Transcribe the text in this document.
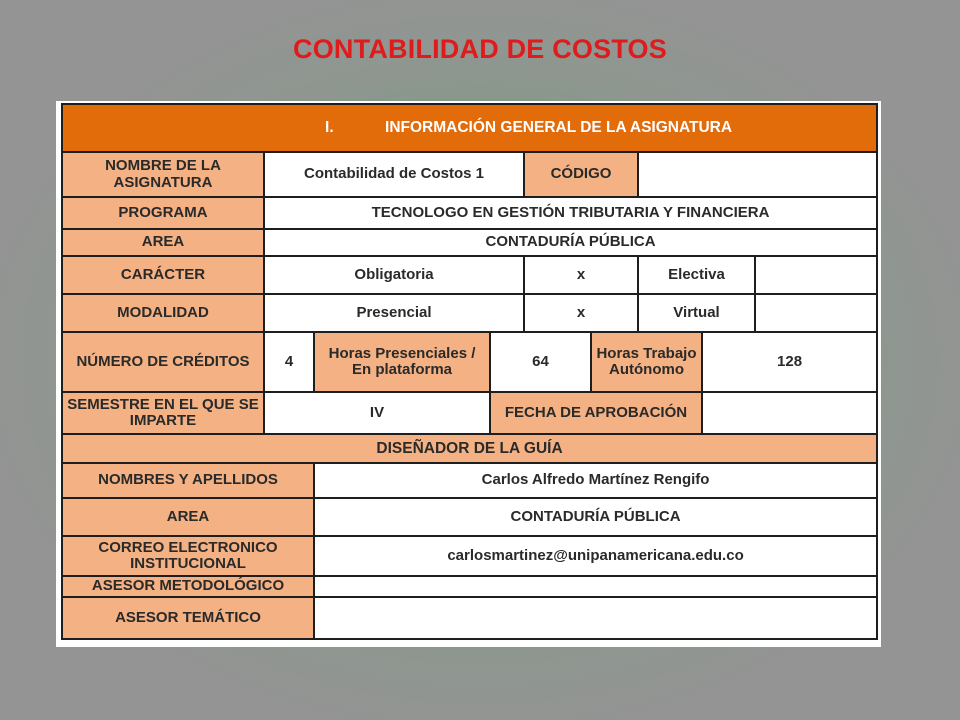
CONTABILIDAD DE COSTOS
I. INFORMACIÓN GENERAL DE LA ASIGNATURA								
NOMBRE DE LA ASIGNATURA	Contabilidad de Costos 1			CÓDIGO				
PROGRAMA	TECNOLOGO EN GESTIÓN TRIBUTARIA Y FINANCIERA							
AREA	CONTADURÍA PÚBLICA							
CARÁCTER	Obligatoria			x		Electiva		
MODALIDAD	Presencial			x		Virtual		
NÚMERO DE CRÉDITOS	4	Horas Presenciales / En plataforma	64		Horas Trabajo Autónomo		128	
SEMESTRE EN EL QUE SE IMPARTE	IV		FECHA DE APROBACIÓN					
DISEÑADOR DE LA GUÍA								
NOMBRES Y APELLIDOS		Carlos Alfredo Martínez Rengifo						
AREA		CONTADURÍA PÚBLICA						
CORREO ELECTRONICO INSTITUCIONAL		carlosmartinez@unipanamericana.edu.co						
ASESOR METODOLÓGICO								
ASESOR TEMÁTICO								
